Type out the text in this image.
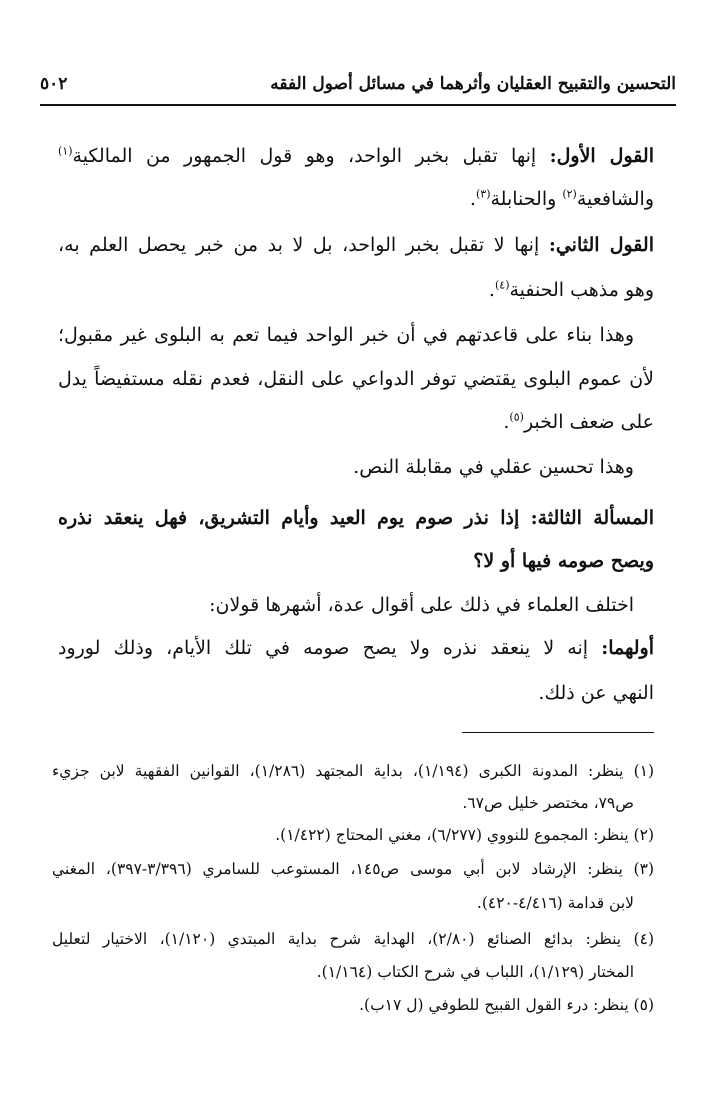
التحسين والتقبيح العقليان وأثرهما في مسائل أصول الفقه
٥٠٢
القول الأول: إنها تقبل بخبر الواحد، وهو قول الجمهور من المالكية$^{(١)}$
والشافعية$^{(٢)}$ والحنابلة$^{(٣)}$.
القول الثاني: إنها لا تقبل بخبر الواحد، بل لا بد من خبر يحصل العلم به،
وهو مذهب الحنفية$^{(٤)}$.
وهذا بناء على قاعدتهم في أن خبر الواحد فيما تعم به البلوى غير مقبول؛
لأن عموم البلوى يقتضي توفر الدواعي على النقل، فعدم نقله مستفيضاً يدل
على ضعف الخبر$^{(٥)}$.
وهذا تحسين عقلي في مقابلة النص.
المسألة الثالثة: إذا نذر صوم يوم العيد وأيام التشريق، فهل ينعقد نذره
ويصح صومه فيها أو لا؟
اختلف العلماء في ذلك على أقوال عدة، أشهرها قولان:
أولهما: إنه لا ينعقد نذره ولا يصح صومه في تلك الأيام، وذلك لورود
النهي عن ذلك.
(١) ينظر: المدونة الكبرى (١/١٩٤)، بداية المجتهد (١/٢٨٦)، القوانين الفقهية لابن جزيء
ص٧٩، مختصر خليل ص٦٧.
(٢) ينظر: المجموع للنووي (٦/٢٧٧)، مغني المحتاج (١/٤٢٢).
(٣) ينظر: الإرشاد لابن أبي موسى ص١٤٥، المستوعب للسامري (٣/٣٩٦-٣٩٧)، المغني
لابن قدامة (٤/٤١٦-٤٢٠).
(٤) ينظر: بدائع الصنائع (٢/٨٠)، الهداية شرح بداية المبتدي (١/١٢٠)، الاختيار لتعليل
المختار (١/١٢٩)، اللباب في شرح الكتاب (١/١٦٤).
(٥) ينظر: درء القول القبيح للطوفي (ل ١٧ب).
